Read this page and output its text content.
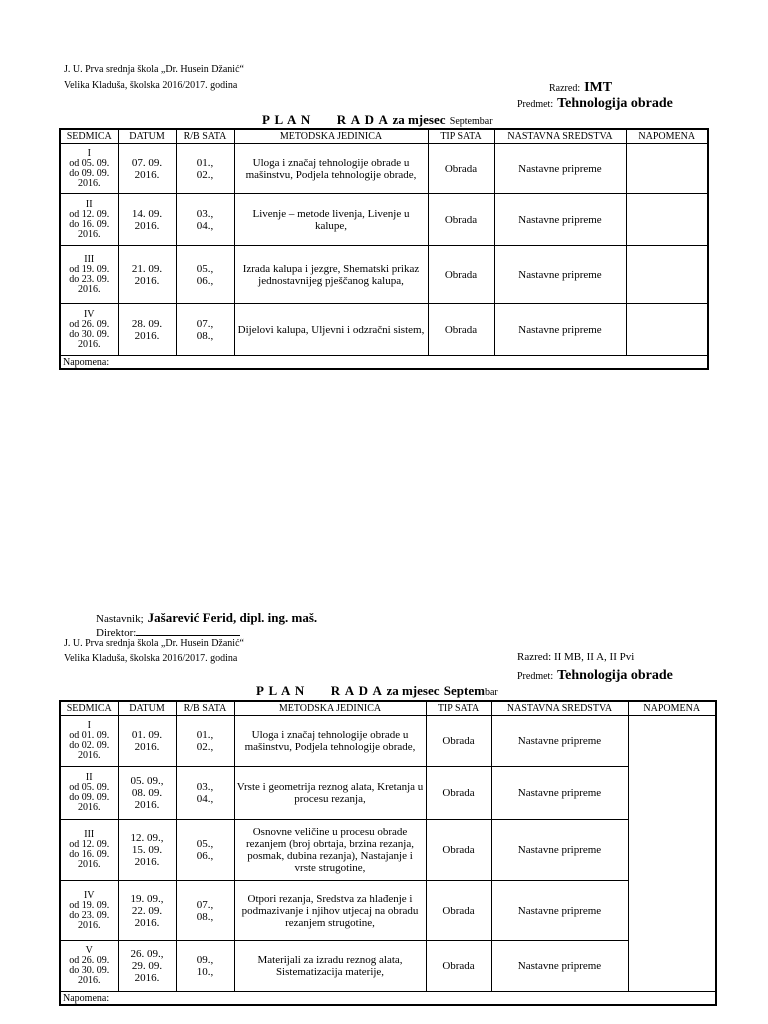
J. U. Prva srednja škola „Dr. Husein Džanić“
Velika Kladuša, školska 2016/2017. godina	Razred: IMT
Predmet: Tehnologija obrade
P L A N      R A D A za mjesec Septembar
SEDMICA	DATUM	R/B SATA	METODSKA JEDINICA	TIP SATA	NASTAVNA SREDSTVA	NAPOMENA
I
od 05. 09.
do 09. 09.
2016.	07. 09.
2016.	01.,
02.,	Uloga i značaj tehnologije obrade u mašinstvu, Podjela tehnologije obrade,	Obrada	Nastavne pripreme	
II
od 12. 09.
do 16. 09.
2016.	14. 09.
2016.	03.,
04.,	Livenje – metode livenja, Livenje u kalupe,	Obrada	Nastavne pripreme	
III
od 19. 09.
do 23. 09.
2016.	21. 09.
2016.	05.,
06.,	Izrada kalupa i jezgre, Shematski prikaz jednostavnijeg pješčanog kalupa,	Obrada	Nastavne pripreme	
IV
od 26. 09.
do 30. 09.
2016.	28. 09.
2016.	07.,
08.,	Dijelovi kalupa, Uljevni i odzračni sistem,	Obrada	Nastavne pripreme	
Napomena:						
Nastavnik; Jašarević Ferid, dipl. ing. maš.
Direktor:
J. U. Prva srednja škola „Dr. Husein Džanić“
Velika Kladuša, školska 2016/2017. godina	Razred: II MB, II A, II Pvi
Predmet: Tehnologija obrade
P L A N      R A D A za mjesec Septembar
SEDMICA	DATUM	R/B SATA	METODSKA JEDINICA	TIP SATA	NASTAVNA SREDSTVA	NAPOMENA
I
od 01. 09.
do 02. 09.
2016.	01. 09.
2016.	01.,
02.,	Uloga i značaj tehnologije obrade u mašinstvu, Podjela tehnologije obrade,	Obrada	Nastavne pripreme	
II
od 05. 09.
do 09. 09.
2016.	05. 09.,
08. 09.
2016.	03.,
04.,	Vrste i geometrija reznog alata, Kretanja u procesu rezanja,	Obrada	Nastavne pripreme	
III
od 12. 09.
do 16. 09.
2016.	12. 09.,
15. 09.
2016.	05.,
06.,	Osnovne veličine u procesu obrade rezanjem (broj obrtaja, brzina rezanja, posmak, dubina rezanja), Nastajanje i vrste strugotine,	Obrada	Nastavne pripreme	
IV
od 19. 09.
do 23. 09.
2016.	19. 09.,
22. 09.
2016.	07.,
08.,	Otpori rezanja, Sredstva za hlađenje i podmazivanje i njihov utjecaj na obradu rezanjem strugotine,	Obrada	Nastavne pripreme	
V
od 26. 09.
do 30. 09.
2016.	26. 09.,
29. 09.
2016.	09.,
10.,	Materijali za izradu reznog alata, Sistematizacija materije,	Obrada	Nastavne pripreme	
Napomena:						
